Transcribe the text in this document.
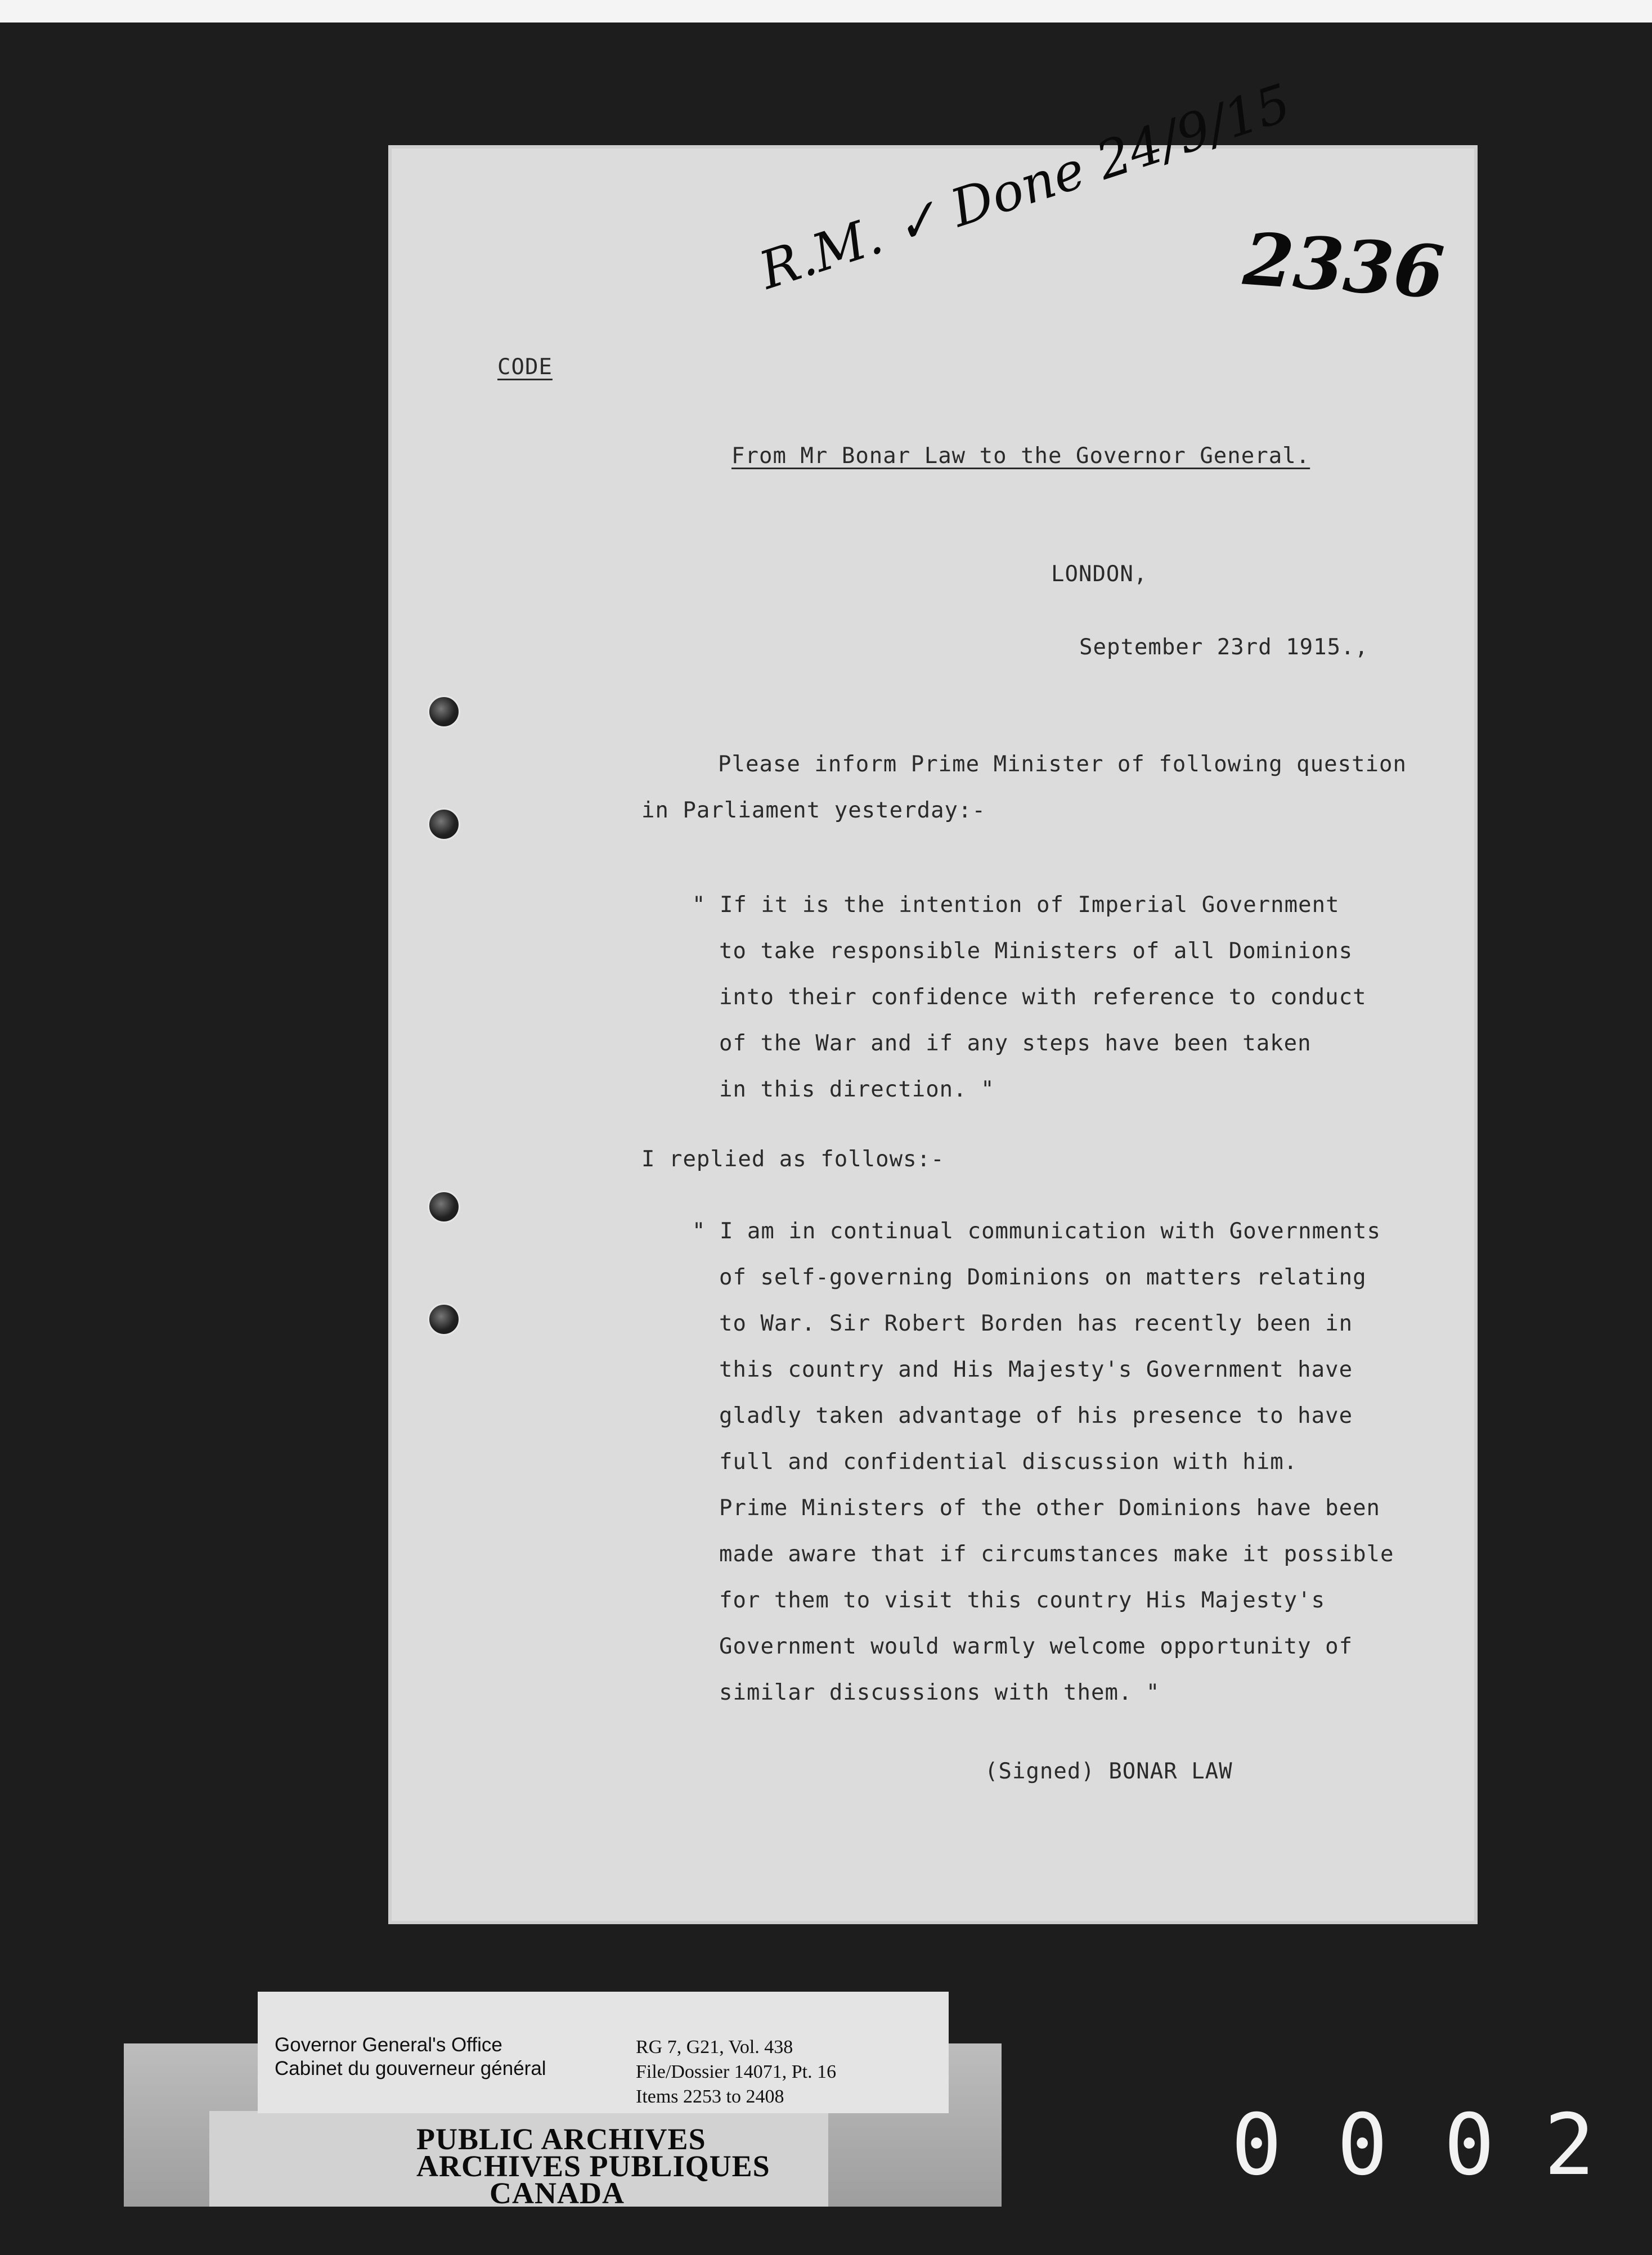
R.M. ✓ Done 24/9/15
2336
CODE
From Mr Bonar Law to the Governor General.
LONDON,
September 23rd 1915.,
Please inform Prime Minister of following question
in Parliament yesterday:-
" If it is the intention of Imperial Government
to take responsible Ministers of all Dominions
into their confidence with reference to conduct
of the War and if any steps have been taken
in this direction. "
I replied as follows:-
" I am in continual communication with Governments
of self-governing Dominions on matters relating
to War. Sir Robert Borden has recently been in
this country and His Majesty's Government have
gladly taken advantage of his presence to have
full and confidential discussion with him.
Prime Ministers of the other Dominions have been
made aware that if circumstances make it possible
for them to visit this country His Majesty's
Government would warmly welcome opportunity of
similar discussions with them. "
(Signed) BONAR LAW
Governor General's Office
Cabinet du gouverneur général
RG 7, G21, Vol. 438
File/Dossier 14071, Pt. 16
Items 2253 to 2408
PUBLIC ARCHIVES
ARCHIVES PUBLIQUES
CANADA	0 0 0 2
